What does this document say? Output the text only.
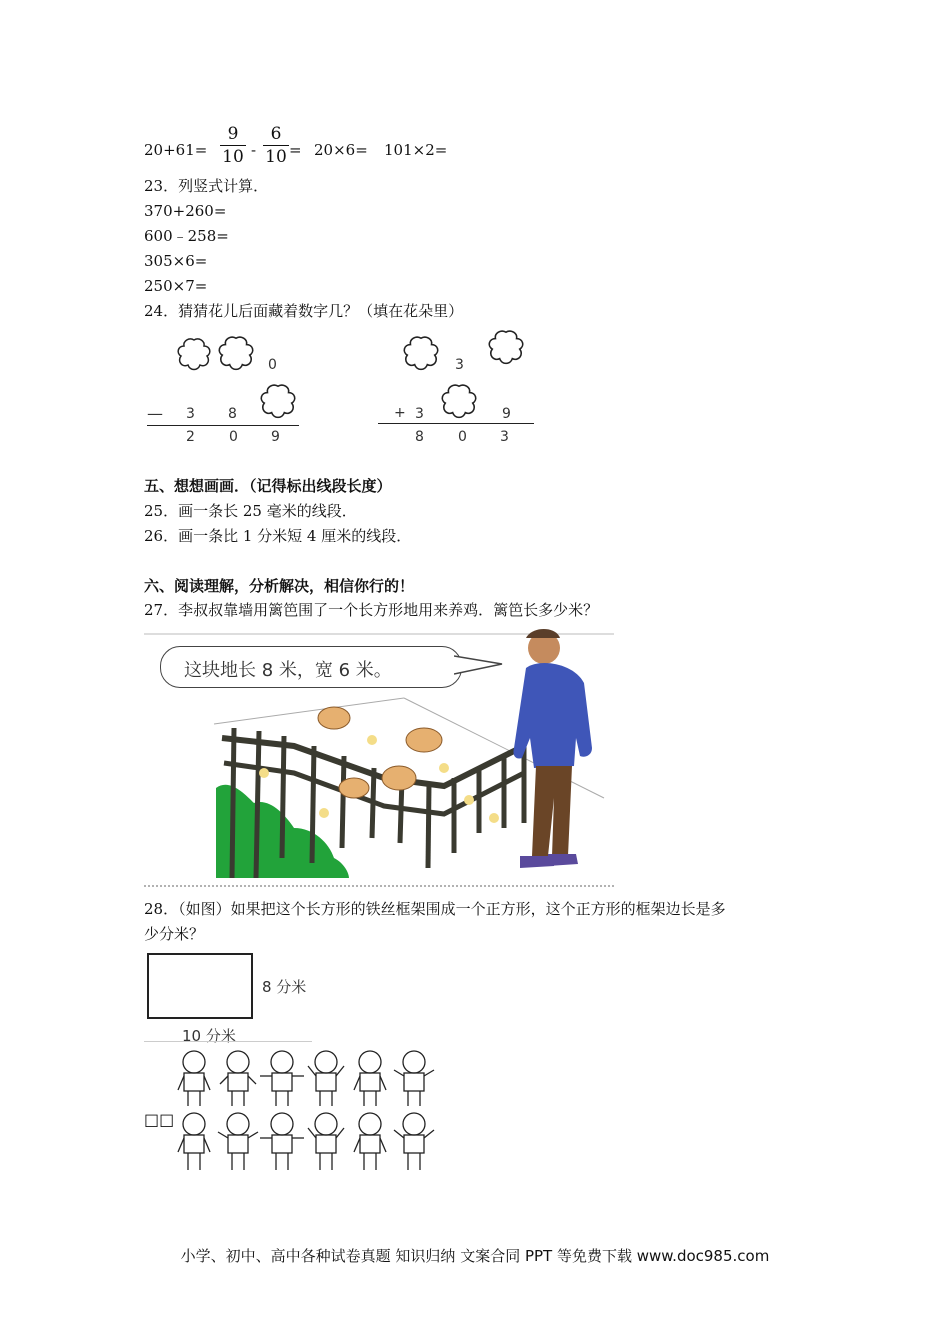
20+61=
9
10 -
6
10 = 20×6= 101×2=
23．列竖式计算．
370+260=
600﹣258=
305×6=
250×7=
24．猜猜花儿后面藏着数字几？（填在花朵里）
0
— 3 8
2 0 9
3
+ 3	9
8 0 3
五、想想画画．（记得标出线段长度）
25．画一条长 25 毫米的线段．
26．画一条比 1 分米短 4 厘米的线段．
六、阅读理解，分析解决，相信你行的！
27．李叔叔靠墙用篱笆围了一个长方形地用来养鸡．篱笆长多少米？
这块地长 8 米，宽 6 米。
28．（如图）如果把这个长方形的铁丝框架围成一个正方形，这个正方形的框架边长是多
少分米？
8 分米
10 分米
□□
小学、初中、高中各种试卷真题 知识归纳 文案合同 PPT 等免费下载 www.doc985.com
